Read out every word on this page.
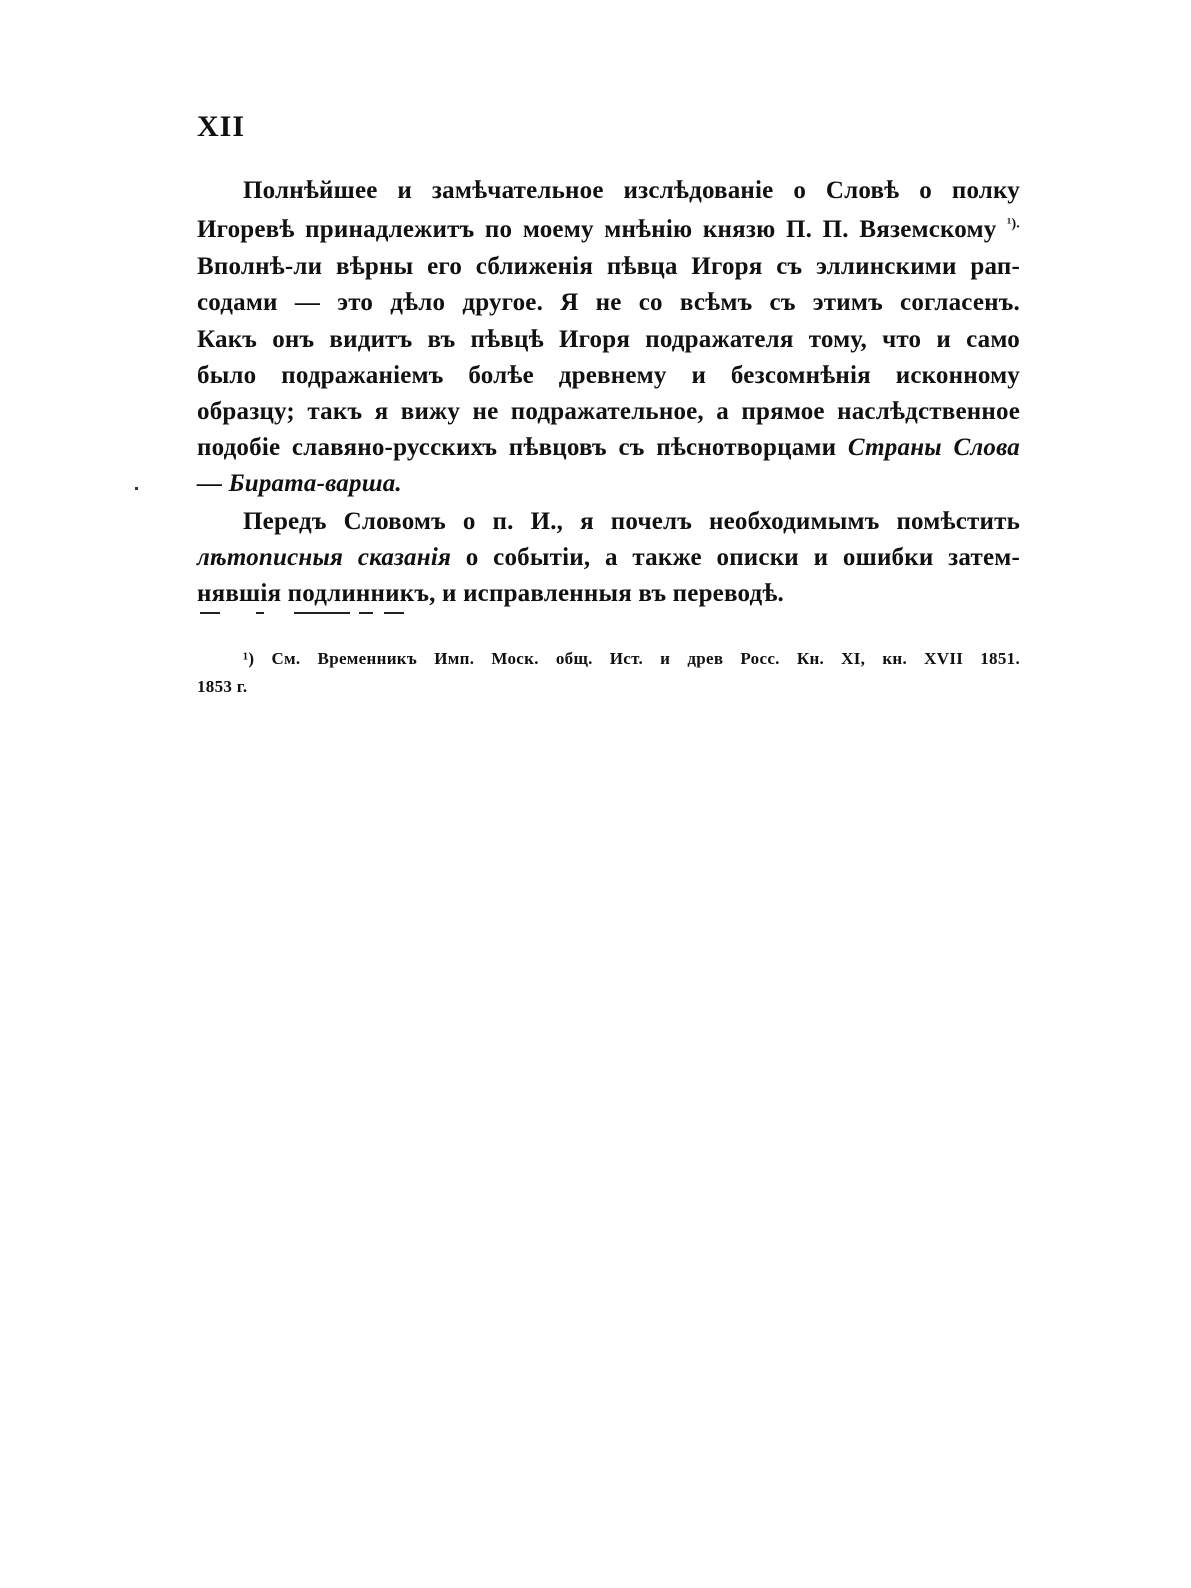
XII
Полнѣйшее и замѣчательное изслѣдованіе о Словѣ о полку
Игоревѣ принадлежитъ по моему мнѣнію князю П. П. Вяземскому $^{^1).}$
Вполнѣ-ли вѣрны его сближенія пѣвца Игоря съ эллинскими рап-
содами — это дѣло другое. Я не со всѣмъ съ этимъ согласенъ.
Какъ онъ видитъ въ пѣвцѣ Игоря подражателя тому, что и само
было подражаніемъ болѣе древнему и безсомнѣнія исконному
образцу; такъ я вижу не подражательное, а прямое наслѣдственное
подобіе славяно-русскихъ пѣвцовъ съ пѣснотворцами Страны Слова
— Бирата-варша.
Передъ Словомъ о п. И., я почелъ необходимымъ помѣстить
лѣтописныя сказанія о событіи, а также описки и ошибки затем-
нявшія подлинникъ, и исправленныя въ переводѣ.
¹) См. Временникъ Имп. Моск. общ. Ист. и древ Росс. Кн. XI, кн. XVII 1851.
1853 г.
